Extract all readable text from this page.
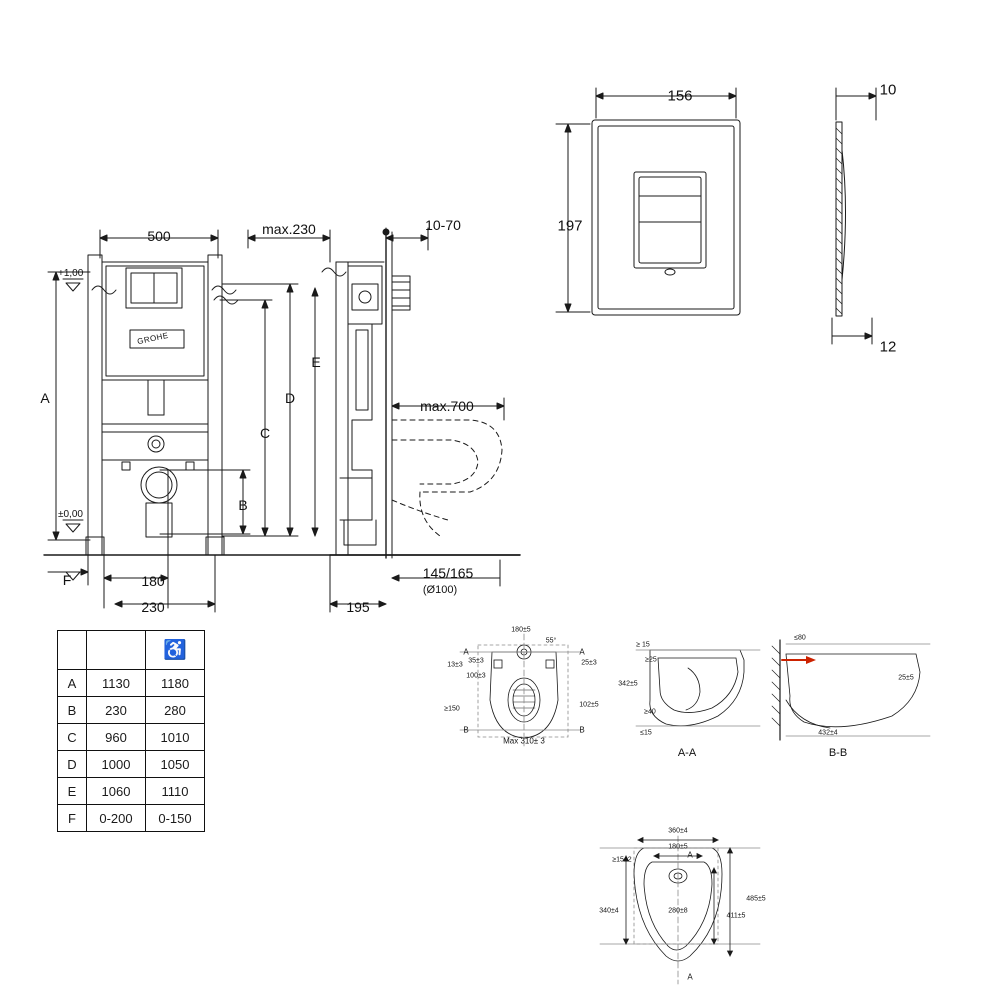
500
+1,00
±0,00
A
B
C
D
E
F	180
230
max.230	10-70
max.700
195
145/165
(Ø100)
156
197
10
12
180±5
55°
25±3
13±3
35±3
100±3
≥150
102±5
Max 310± 3
A	A
B	B
≥ 15
≥25
342±5
≥40
≤15
A-A
≤80
25±5
432±4
B-B
360±4
180±5
≥15±2
340±4	280±8
485±5
411±5
A
A
		♿
A	1130	1180
B	230	280
C	960	1010
D	1000	1050
E	1060	1110
F	0-200	0-150
GROHE
